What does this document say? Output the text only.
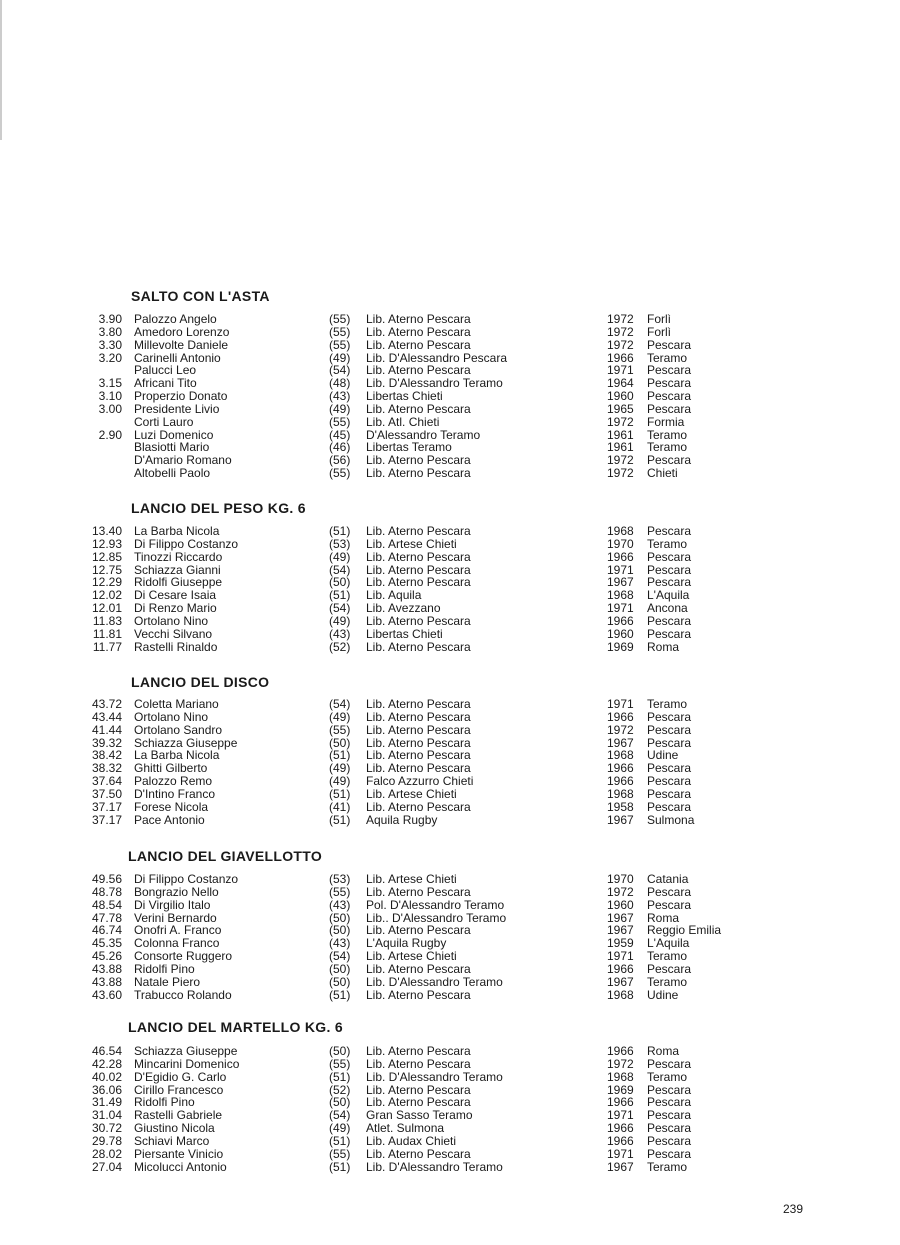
SALTO CON L'ASTA
3.90 Palozzo Angelo	(55) Lib. Aterno Pescara	1972 Forlì
3.80 Amedoro Lorenzo	(55) Lib. Aterno Pescara	1972 Forlì
3.30 Millevolte Daniele	(55) Lib. Aterno Pescara	1972 Pescara
3.20 Carinelli Antonio	(49) Lib. D'Alessandro Pescara	1966 Teramo
Palucci Leo	(54) Lib. Aterno Pescara	1971 Pescara
3.15 Africani Tito	(48) Lib. D'Alessandro Teramo	1964 Pescara
3.10 Properzio Donato	(43) Libertas Chieti	1960 Pescara
3.00 Presidente Livio	(49) Lib. Aterno Pescara	1965 Pescara
Corti Lauro	(55) Lib. Atl. Chieti	1972 Formia
2.90 Luzi Domenico	(45) D'Alessandro Teramo	1961 Teramo
Blasiotti Mario	(46) Libertas Teramo	1961 Teramo
D'Amario Romano	(56) Lib. Aterno Pescara	1972 Pescara
Altobelli Paolo	(55) Lib. Aterno Pescara	1972 Chieti
LANCIO DEL PESO KG. 6
13.40 La Barba Nicola	(51) Lib. Aterno Pescara	1968 Pescara
12.93 Di Filippo Costanzo	(53) Lib. Artese Chieti	1970 Teramo
12.85 Tinozzi Riccardo	(49) Lib. Aterno Pescara	1966 Pescara
12.75 Schiazza Gianni	(54) Lib. Aterno Pescara	1971 Pescara
12.29 Ridolfi Giuseppe	(50) Lib. Aterno Pescara	1967 Pescara
12.02 Di Cesare Isaia	(51) Lib. Aquila	1968 L'Aquila
12.01 Di Renzo Mario	(54) Lib. Avezzano	1971 Ancona
11.83 Ortolano Nino	(49) Lib. Aterno Pescara	1966 Pescara
11.81 Vecchi Silvano	(43) Libertas Chieti	1960 Pescara
11.77 Rastelli Rinaldo	(52) Lib. Aterno Pescara	1969 Roma
LANCIO DEL DISCO
43.72 Coletta Mariano	(54) Lib. Aterno Pescara	1971 Teramo
43.44 Ortolano Nino	(49) Lib. Aterno Pescara	1966 Pescara
41.44 Ortolano Sandro	(55) Lib. Aterno Pescara	1972 Pescara
39.32 Schiazza Giuseppe	(50) Lib. Aterno Pescara	1967 Pescara
38.42 La Barba Nicola	(51) Lib. Aterno Pescara	1968 Udine
38.32 Ghitti Gilberto	(49) Lib. Aterno Pescara	1966 Pescara
37.64 Palozzo Remo	(49) Falco Azzurro Chieti	1966 Pescara
37.50 D'Intino Franco	(51) Lib. Artese Chieti	1968 Pescara
37.17 Forese Nicola	(41) Lib. Aterno Pescara	1958 Pescara
37.17 Pace Antonio	(51) Aquila Rugby	1967 Sulmona
LANCIO DEL GIAVELLOTTO
49.56 Di Filippo Costanzo	(53) Lib. Artese Chieti	1970 Catania
48.78 Bongrazio Nello	(55) Lib. Aterno Pescara	1972 Pescara
48.54 Di Virgilio Italo	(43) Pol. D'Alessandro Teramo	1960 Pescara
47.78 Verini Bernardo	(50) Lib.. D'Alessandro Teramo	1967 Roma
46.74 Onofri A. Franco	(50) Lib. Aterno Pescara	1967 Reggio Emilia
45.35 Colonna Franco	(43) L'Aquila Rugby	1959 L'Aquila
45.26 Consorte Ruggero	(54) Lib. Artese Chieti	1971 Teramo
43.88 Ridolfi Pino	(50) Lib. Aterno Pescara	1966 Pescara
43.88 Natale Piero	(50) Lib. D'Alessandro Teramo	1967 Teramo
43.60 Trabucco Rolando	(51) Lib. Aterno Pescara	1968 Udine
LANCIO DEL MARTELLO KG. 6
46.54 Schiazza Giuseppe	(50) Lib. Aterno Pescara	1966 Roma
42.28 Mincarini Domenico	(55) Lib. Aterno Pescara	1972 Pescara
40.02 D'Egidio G. Carlo	(51) Lib. D'Alessandro Teramo	1968 Teramo
36.06 Cirillo Francesco	(52) Lib. Aterno Pescara	1969 Pescara
31.49 Ridolfi Pino	(50) Lib. Aterno Pescara	1966 Pescara
31.04 Rastelli Gabriele	(54) Gran Sasso Teramo	1971 Pescara
30.72 Giustino Nicola	(49) Atlet. Sulmona	1966 Pescara
29.78 Schiavi Marco	(51) Lib. Audax Chieti	1966 Pescara
28.02 Piersante Vinicio	(55) Lib. Aterno Pescara	1971 Pescara
27.04 Micolucci Antonio	(51) Lib. D'Alessandro Teramo	1967 Teramo
239
